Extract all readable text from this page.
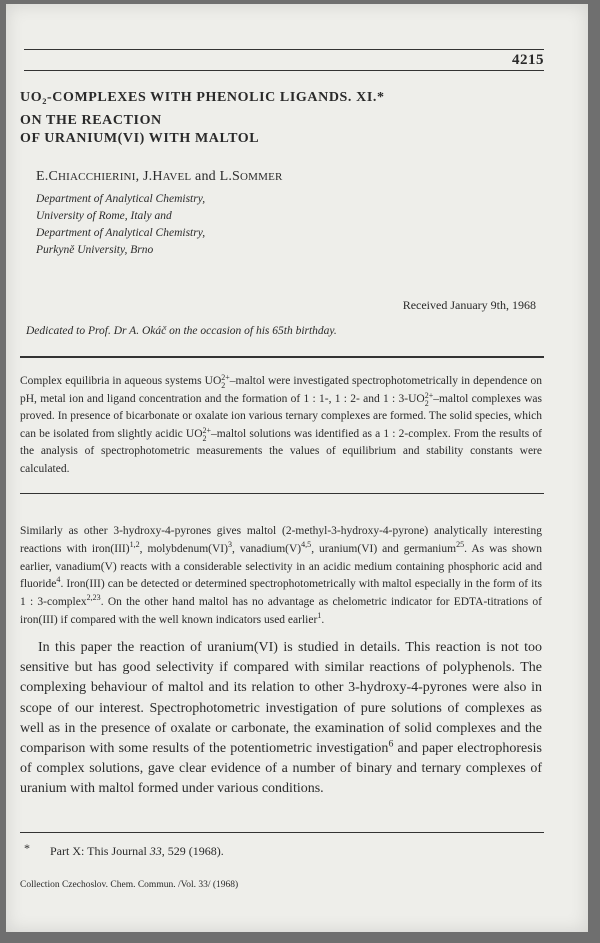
4215
UO₂-COMPLEXES WITH PHENOLIC LIGANDS. XI.*
ON THE REACTION
OF URANIUM(VI) WITH MALTOL
E.CHIACCHIERINI, J.HAVEL and L.SOMMER
Department of Analytical Chemistry,
University of Rome, Italy and
Department of Analytical Chemistry,
Purkyně University, Brno
Received January 9th, 1968
Dedicated to Prof. Dr A. Okáč on the occasion of his 65th birthday.

Complex equilibria in aqueous systems UO 2+
2 –maltol were investigated spectrophotometrically in dependence on pH, metal ion and ligand concentration and the formation of 1 : 1-, 1 : 2- and 1 : 3-UO 2+
2 –maltol complexes was proved. In presence of bicarbonate or oxalate ion various ternary complexes are formed. The solid species, which can be isolated from slightly acidic UO 2+
2 –maltol solutions was identified as a 1 : 2-complex. From the results of the analysis of spectrophotometric measurements the values of equilibrium and stability constants were calculated.

Similarly as other 3-hydroxy-4-pyrones gives maltol (2-methyl-3-hydroxy-4-pyrone) analytically interesting reactions with iron(III)$^{1,2}$, molybdenum(VI)$^3$, $vanadium(V)^{4,5}$, uranium(VI) and germanium$^{25}$. As was shown earlier, vanadium(V) reacts with a considerable selectivity in an acidic medium containing phosphoric acid and fluoride$^4$. Iron(III) can be detected or determined spectrophotometrically with maltol especially in the form of its 1 : 3-complex$^{2,23}$. On the other hand maltol has no advantage as chelometric indicator for EDTA-titrations of iron(III) if compared with the well known indicators used earlier$^1$.

In this paper the reaction of uranium(VI) is studied in details. This reaction is not too sensitive but has good selectivity if compared with similar reactions of polyphenols. The complexing behaviour of maltol and its relation to other 3-hydroxy-4-pyrones were also in scope of our interest. Spectrophotometric investigation of pure solutions of complexes as well as in the presence of oxalate or carbonate, the examination of solid complexes and the comparison with some results of the potentiometric investigation$^6$ and paper electrophoresis of complex solutions, gave clear evidence of a number of binary and ternary complexes of uranium with maltol formed under various conditions.

* Part X: This Journal 33, 529 (1968).
Collection Czechoslov. Chem. Commun. /Vol. 33/ (1968)
